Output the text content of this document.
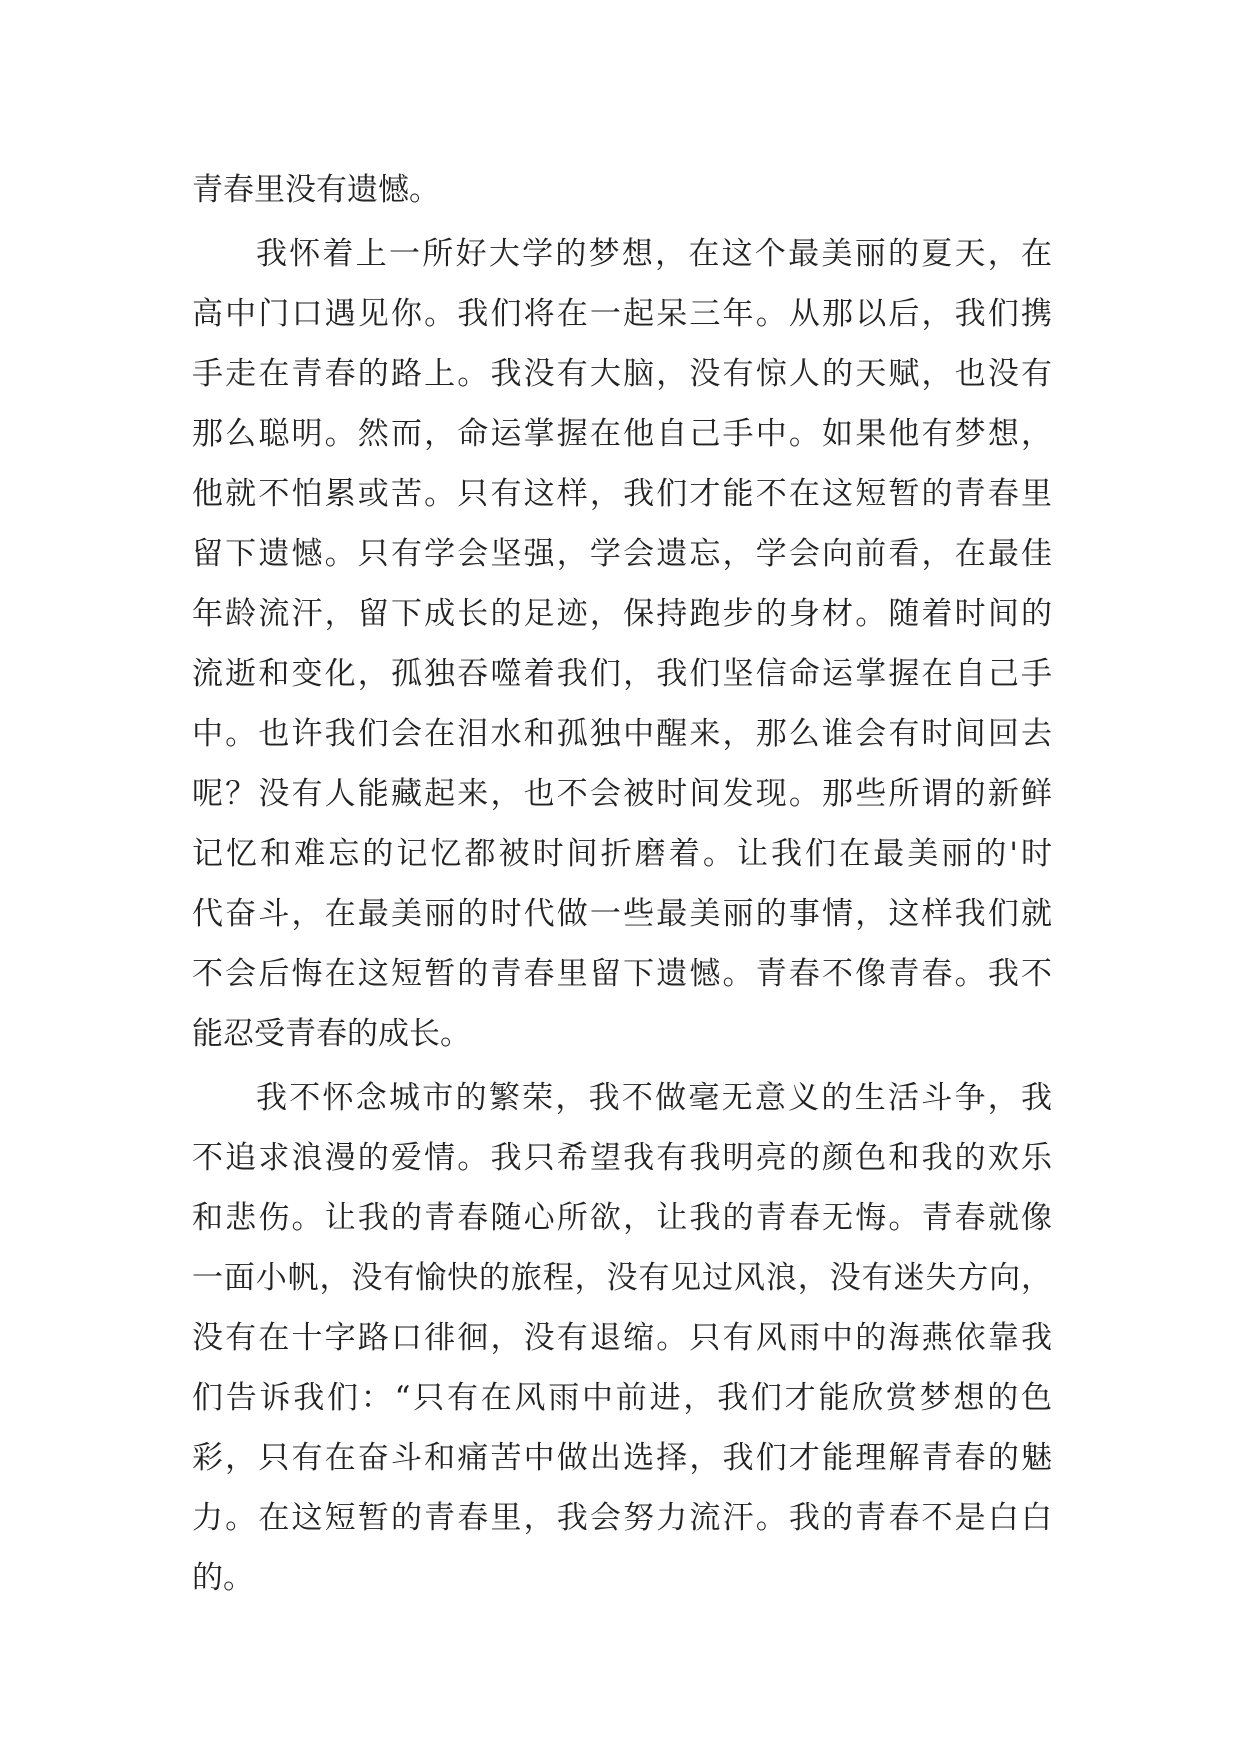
青春里没有遗憾。
我怀着上一所好大学的梦想，在这个最美丽的夏天，在
高中门口遇见你。我们将在一起呆三年。从那以后，我们携
手走在青春的路上。我没有大脑，没有惊人的天赋，也没有
那么聪明。然而，命运掌握在他自己手中。如果他有梦想，
他就不怕累或苦。只有这样，我们才能不在这短暂的青春里
留下遗憾。只有学会坚强，学会遗忘，学会向前看，在最佳
年龄流汗，留下成长的足迹，保持跑步的身材。随着时间的
流逝和变化，孤独吞噬着我们，我们坚信命运掌握在自己手
中。也许我们会在泪水和孤独中醒来，那么谁会有时间回去
呢？没有人能藏起来，也不会被时间发现。那些所谓的新鲜
记忆和难忘的记忆都被时间折磨着。让我们在最美丽的'时
代奋斗，在最美丽的时代做一些最美丽的事情，这样我们就
不会后悔在这短暂的青春里留下遗憾。青春不像青春。我不
能忍受青春的成长。
我不怀念城市的繁荣，我不做毫无意义的生活斗争，我
不追求浪漫的爱情。我只希望我有我明亮的颜色和我的欢乐
和悲伤。让我的青春随心所欲，让我的青春无悔。青春就像
一面小帆，没有愉快的旅程，没有见过风浪，没有迷失方向，
没有在十字路口徘徊，没有退缩。只有风雨中的海燕依靠我
们告诉我们：“只有在风雨中前进，我们才能欣赏梦想的色
彩，只有在奋斗和痛苦中做出选择，我们才能理解青春的魅
力。在这短暂的青春里，我会努力流汗。我的青春不是白白
的。
